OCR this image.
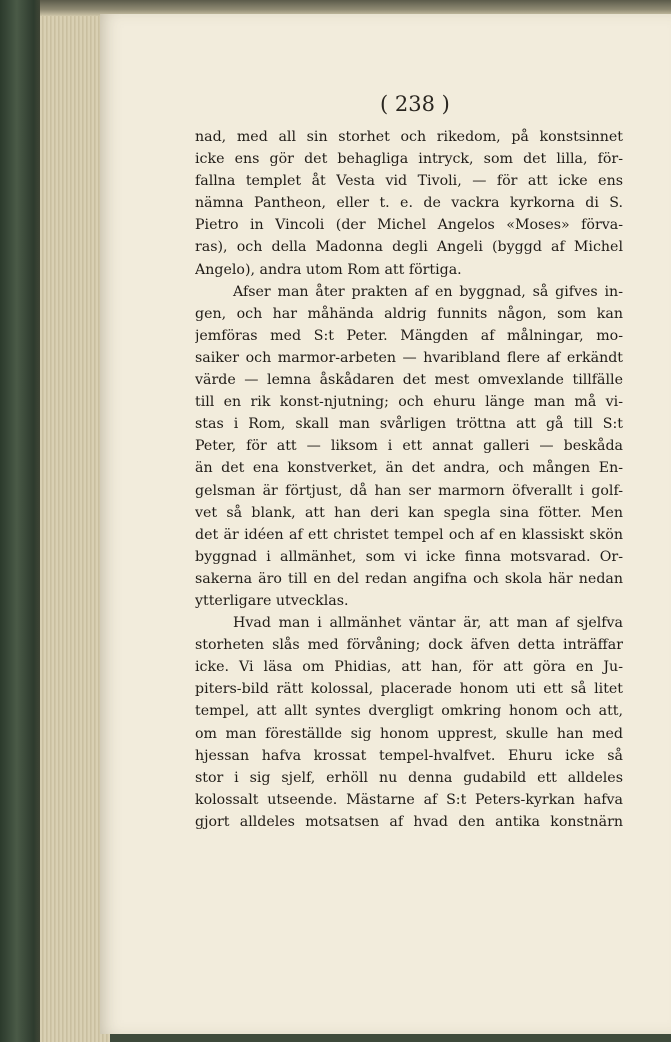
( 238 )
nad, med all sin storhet och rikedom, på konstsinnet
icke ens gör det behagliga intryck, som det lilla, för-
fallna templet åt Vesta vid Tivoli, — för att icke ens
nämna Pantheon, eller t. e. de vackra kyrkorna di S.
Pietro in Vincoli (der Michel Angelos «Moses» förva-
ras), och della Madonna degli Angeli (byggd af Michel
Angelo), andra utom Rom att förtiga.
Afser man åter prakten af en byggnad, så gifves in-
gen, och har måhända aldrig funnits någon, som kan
jemföras med S:t Peter. Mängden af målningar, mo-
saiker och marmor-arbeten — hvaribland flere af erkändt
värde — lemna åskådaren det mest omvexlande tillfälle
till en rik konst-njutning; och ehuru länge man må vi-
stas i Rom, skall man svårligen tröttna att gå till S:t
Peter, för att — liksom i ett annat galleri — beskåda
än det ena konstverket, än det andra, och mången En-
gelsman är förtjust, då han ser marmorn öfverallt i golf-
vet så blank, att han deri kan spegla sina fötter. Men
det är idéen af ett christet tempel och af en klassiskt skön
byggnad i allmänhet, som vi icke finna motsvarad. Or-
sakerna äro till en del redan angifna och skola här nedan
ytterligare utvecklas.
Hvad man i allmänhet väntar är, att man af sjelfva
storheten slås med förvåning; dock äfven detta inträffar
icke. Vi läsa om Phidias, att han, för att göra en Ju-
piters-bild rätt kolossal, placerade honom uti ett så litet
tempel, att allt syntes dvergligt omkring honom och att,
om man föreställde sig honom upprest, skulle han med
hjessan hafva krossat tempel-hvalfvet. Ehuru icke så
stor i sig sjelf, erhöll nu denna gudabild ett alldeles
kolossalt utseende. Mästarne af S:t Peters-kyrkan hafva
gjort alldeles motsatsen af hvad den antika konstnärn
